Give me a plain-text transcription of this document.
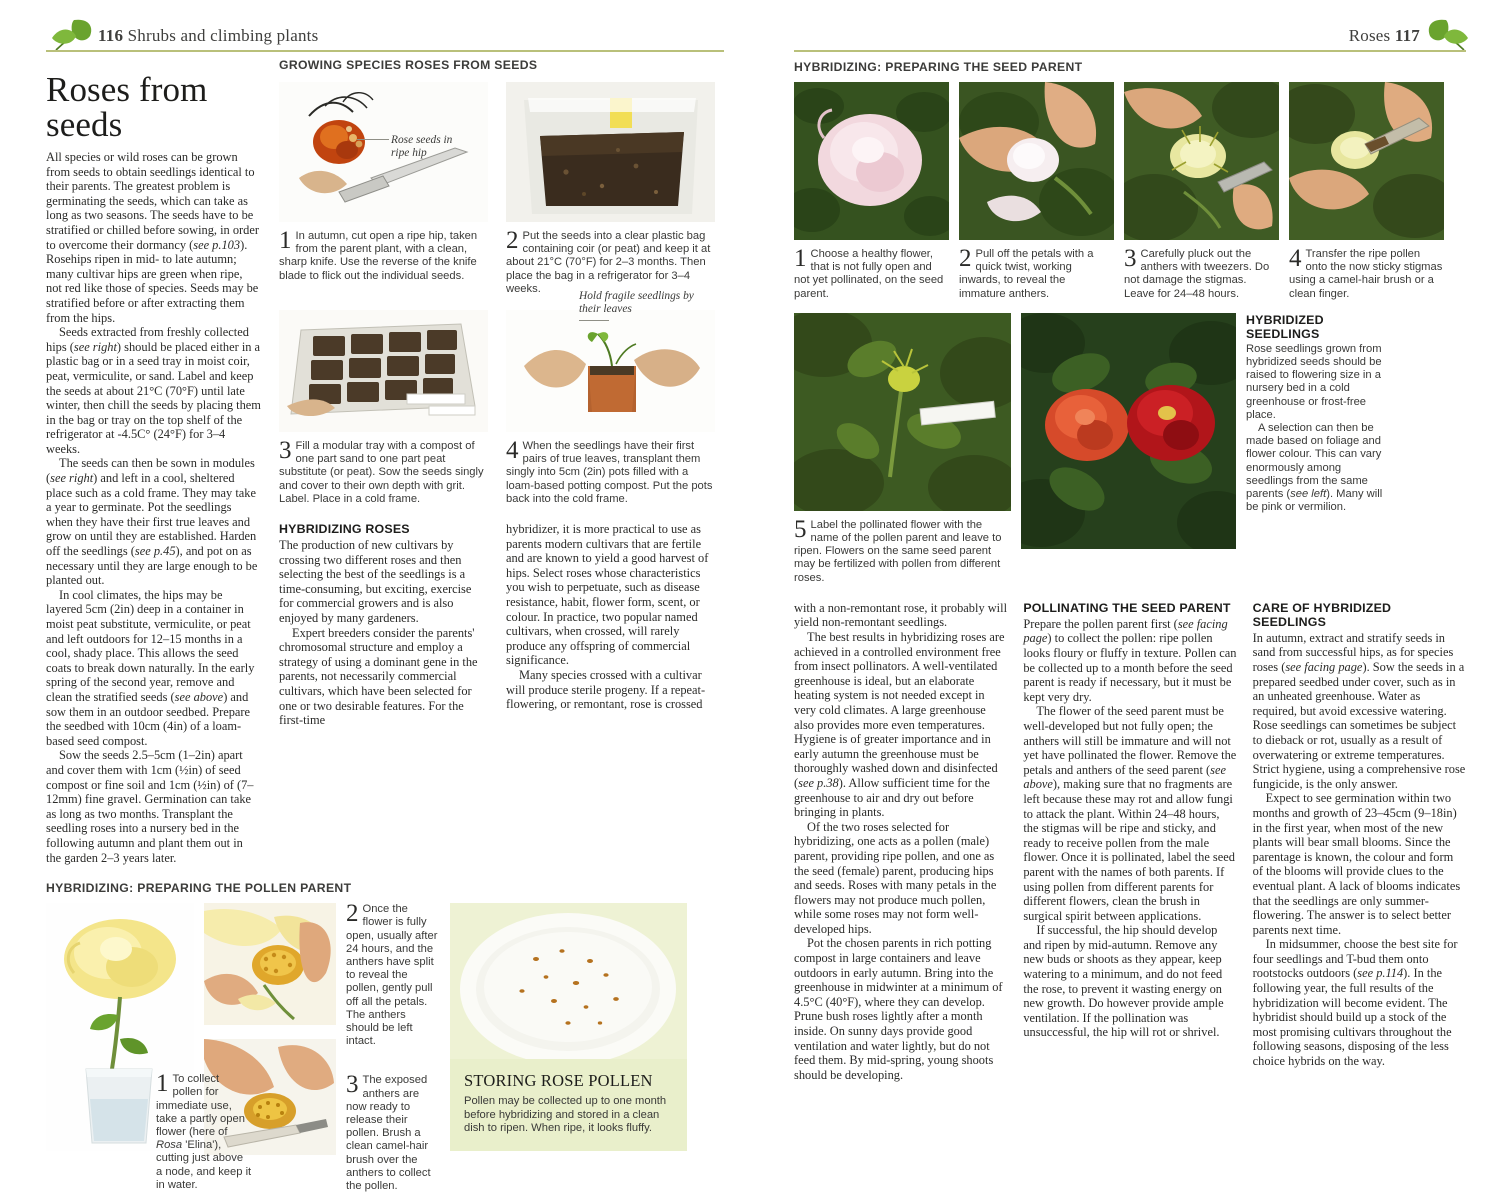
116 Shrubs and climbing plants
Roses from seeds

All species or wild roses can be grown from seeds to obtain seedlings identical to their parents. The greatest problem is germinating the seeds, which can take as long as two seasons. The seeds have to be stratified or chilled before sowing, in order to overcome their dormancy (see p.103). Rosehips ripen in mid- to late autumn; many cultivar hips are green when ripe, not red like those of species. Seeds may be stratified before or after extracting them from the hips.

Seeds extracted from freshly collected hips (see right) should be placed either in a plastic bag or in a seed tray in moist coir, peat, vermiculite, or sand. Label and keep the seeds at about 21°C (70°F) until late winter, then chill the seeds by placing them in the bag or tray on the top shelf of the refrigerator at -4.5C° (24°F) for 3–4 weeks.

The seeds can then be sown in modules (see right) and left in a cool, sheltered place such as a cold frame. They may take a year to germinate. Pot the seedlings when they have their first true leaves and grow on until they are established. Harden off the seedlings (see p.45), and pot on as necessary until they are large enough to be planted out.

In cool climates, the hips may be layered 5cm (2in) deep in a container in moist peat substitute, vermiculite, or peat and left outdoors for 12–15 months in a cool, shady place. This allows the seed coats to break down naturally. In the early spring of the second year, remove and clean the stratified seeds (see above) and sow them in an outdoor seedbed. Prepare the seedbed with 10cm (4in) of a loam-based seed compost.

Sow the seeds 2.5–5cm (1–2in) apart and cover them with 1cm (½in) of seed compost or fine soil and 1cm (½in) of (7–12mm) fine gravel. Germination can take as long as two months. Transplant the seedling roses into a nursery bed in the following autumn and plant them out in the garden 2–3 years later.

GROWING SPECIES ROSES FROM SEEDS
Rose seeds in ripe hip
1 In autumn, cut open a ripe hip, taken from the parent plant, with a clean, sharp knife. Use the reverse of the knife blade to flick out the individual seeds.
2 Put the seeds into a clear plastic bag containing coir (or peat) and keep it at about 21°C (70°F) for 2–3 months. Then place the bag in a refrigerator for 3–4 weeks.
Hold fragile seedlings by their leaves
3 Fill a modular tray with a compost of one part sand to one part peat substitute (or peat). Sow the seeds singly and cover to their own depth with grit. Label. Place in a cold frame.
4 When the seedlings have their first pairs of true leaves, transplant them singly into 5cm (2in) pots filled with a loam-based potting compost. Put the pots back into the cold frame.
HYBRIDIZING ROSES

The production of new cultivars by crossing two different roses and then selecting the best of the seedlings is a time-consuming, but exciting, exercise for commercial growers and is also enjoyed by many gardeners.

Expert breeders consider the parents' chromosomal structure and employ a strategy of using a dominant gene in the parents, not necessarily commercial cultivars, which have been selected for one or two desirable features. For the first-time

hybridizer, it is more practical to use as parents modern cultivars that are fertile and are known to yield a good harvest of hips. Select roses whose characteristics you wish to perpetuate, such as disease resistance, habit, flower form, scent, or colour. In practice, two popular named cultivars, when crossed, will rarely produce any offspring of commercial significance.

Many species crossed with a cultivar will produce sterile progeny. If a repeat-flowering, or remontant, rose is crossed

HYBRIDIZING: PREPARING THE POLLEN PARENT
2 Once the flower is fully open, usually after 24 hours, and the anthers have split to reveal the pollen, gently pull off all the petals. The anthers should be left intact.
3 The exposed anthers are now ready to release their pollen. Brush a clean camel-hair brush over the anthers to collect the pollen.
STORING ROSE POLLEN

Pollen may be collected up to one month before hybridizing and stored in a clean dish to ripen. When ripe, it looks fluffy.

1 To collect pollen for immediate use, take a partly open flower (here of Rosa 'Elina'), cutting just above a node, and keep it in water.
Roses 117
HYBRIDIZING: PREPARING THE SEED PARENT
1 Choose a healthy flower, that is not fully open and not yet pollinated, on the seed parent.
2 Pull off the petals with a quick twist, working inwards, to reveal the immature anthers.
3 Carefully pluck out the anthers with tweezers. Do not damage the stigmas. Leave for 24–48 hours.
4 Transfer the ripe pollen onto the now sticky stigmas using a camel-hair brush or a clean finger.
5 Label the pollinated flower with the name of the pollen parent and leave to ripen. Flowers on the same seed parent may be fertilized with pollen from different roses.
HYBRIDIZED SEEDLINGS
Rose seedlings grown from hybridized seeds should be raised to flowering size in a nursery bed in a cold greenhouse or frost-free place.
A selection can then be made based on foliage and flower colour. This can vary enormously among seedlings from the same parents (see left). Many will be pink or vermilion.

with a non-remontant rose, it probably will yield non-remontant seedlings.

The best results in hybridizing roses are achieved in a controlled environment free from insect pollinators. A well-ventilated greenhouse is ideal, but an elaborate heating system is not needed except in very cold climates. A large greenhouse also provides more even temperatures. Hygiene is of greater importance and in early autumn the greenhouse must be thoroughly washed down and disinfected (see p.38). Allow sufficient time for the greenhouse to air and dry out before bringing in plants.

Of the two roses selected for hybridizing, one acts as a pollen (male) parent, providing ripe pollen, and one as the seed (female) parent, producing hips and seeds. Roses with many petals in the flowers may not produce much pollen, while some roses may not form well-developed hips.

Pot the chosen parents in rich potting compost in large containers and leave outdoors in early autumn. Bring into the greenhouse in midwinter at a minimum of 4.5°C (40°F), where they can develop. Prune bush roses lightly after a month inside. On sunny days provide good ventilation and water lightly, but do not feed them. By mid-spring, young shoots should be developing.

POLLINATING THE SEED PARENT

Prepare the pollen parent first (see facing page) to collect the pollen: ripe pollen looks floury or fluffy in texture. Pollen can be collected up to a month before the seed parent is ready if necessary, but it must be kept very dry.

The flower of the seed parent must be well-developed but not fully open; the anthers will still be immature and will not yet have pollinated the flower. Remove the petals and anthers of the seed parent (see above), making sure that no fragments are left because these may rot and allow fungi to attack the plant. Within 24–48 hours, the stigmas will be ripe and sticky, and ready to receive pollen from the male flower. Once it is pollinated, label the seed parent with the names of both parents. If using pollen from different parents for different flowers, clean the brush in surgical spirit between applications.

If successful, the hip should develop and ripen by mid-autumn. Remove any new buds or shoots as they appear, keep watering to a minimum, and do not feed the rose, to prevent it wasting energy on new growth. Do however provide ample ventilation. If the pollination was unsuccessful, the hip will rot or shrivel.

CARE OF HYBRIDIZED SEEDLINGS

In autumn, extract and stratify seeds in sand from successful hips, as for species roses (see facing page). Sow the seeds in a prepared seedbed under cover, such as in an unheated greenhouse. Water as required, but avoid excessive watering. Rose seedlings can sometimes be subject to dieback or rot, usually as a result of overwatering or extreme temperatures. Strict hygiene, using a comprehensive rose fungicide, is the only answer.

Expect to see germination within two months and growth of 23–45cm (9–18in) in the first year, when most of the new plants will bear small blooms. Since the parentage is known, the colour and form of the blooms will provide clues to the eventual plant. A lack of blooms indicates that the seedlings are only summer-flowering. The answer is to select better parents next time.

In midsummer, choose the best site for four seedlings and T-bud them onto rootstocks outdoors (see p.114). In the following year, the full results of the hybridization will become evident. The hybridist should build up a stock of the most promising cultivars throughout the following seasons, disposing of the less choice hybrids on the way.
